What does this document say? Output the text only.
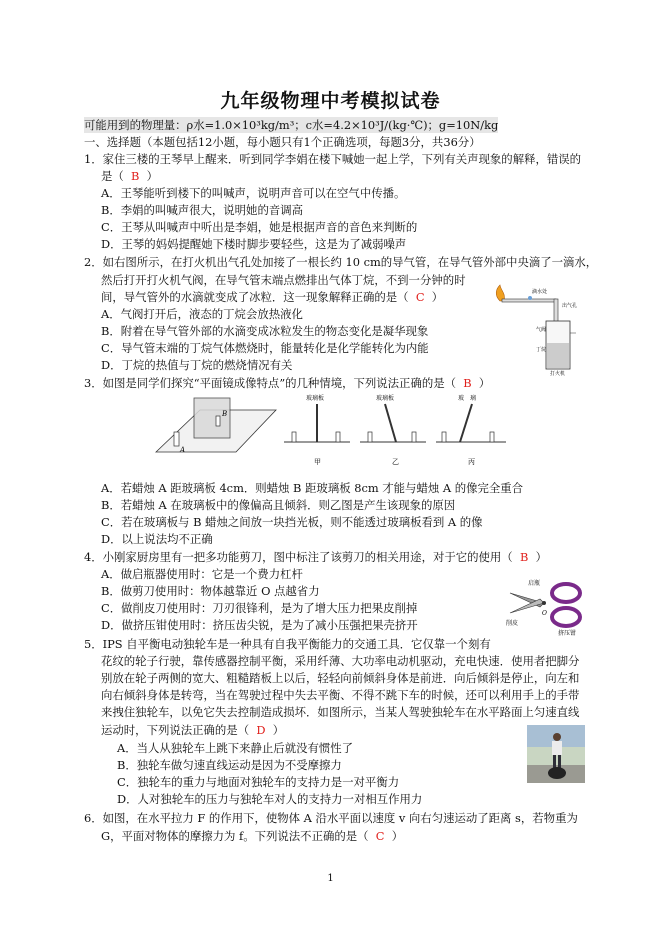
九年级物理中考模拟试卷
可能用到的物理量：ρ水=1.0×10³kg/m³；c水=4.2×10³J/(kg·℃)；g=10N/kg
一、选择题（本题包括12小题，每小题只有1个正确选项，每题3分，共36分）
1．家住三楼的王琴早上醒来．听到同学李娟在楼下喊她一起上学，下列有关声现象的解释，错误的
是（ B ）
A．王琴能听到楼下的叫喊声，说明声音可以在空气中传播。
B．李娟的叫喊声很大，说明她的音调高
C．王琴从叫喊声中听出是李娟，她是根据声音的音色来判断的
D．王琴的妈妈提醒她下楼时脚步要轻些，这是为了减弱噪声
2．如右图所示，在打火机出气孔处加接了一根长约 10 cm的导气管，在导气管外部中央滴了一滴水，
然后打开打火机气阀，在导气管末端点燃排出气体丁烷，不到一分钟的时
间，导气管外的水滴就变成了冰粒．这一现象解释正确的是（ C ）
A．气阀打开后，液态的丁烷会放热液化
B．附着在导气管外部的水滴变成冰粒发生的物态变化是凝华现象
C．导气管末端的丁烷气体燃烧时，能量转化是化学能转化为内能
D．丁烷的热值与丁烷的燃烧情况有关
滴水处
出气孔
气阀
丁烷
打火机
3．如图是同学们探究“平面镜成像特点”的几种情境，下列说法正确的是（ B ）
A
B
玻璃板
甲
玻璃板
乙
玻　璃
丙
A．若蜡烛 A 距玻璃板 4cm．则蜡烛 B 距玻璃板 8cm 才能与蜡烛 A 的像完全重合
B．若蜡烛 A 在玻璃板中的像偏高且倾斜．则乙图是产生该现象的原因
C．若在玻璃板与 B 蜡烛之间放一块挡光板，则不能透过玻璃板看到 A 的像
D．以上说法均不正确
4．小刚家厨房里有一把多功能剪刀，图中标注了该剪刀的相关用途，对于它的使用（ B ）
A．做启瓶器使用时：它是一个费力杠杆
B．做剪刀使用时：物体越靠近 O 点越省力
C．做削皮刀使用时：刀刃很锋利，是为了增大压力把果皮削掉
D．做挤压钳使用时：挤压齿尖锐，是为了减小压强把果壳挤开
启瓶
削皮
O
挤压钳
5．IPS 自平衡电动独轮车是一种具有自我平衡能力的交通工具．它仅靠一个刻有
花纹的轮子行驶，靠传感器控制平衡，采用纤薄、大功率电动机驱动，充电快速．使用者把脚分
别放在轮子两侧的宽大、粗糙踏板上以后，轻轻向前倾斜身体是前进．向后倾斜是停止，向左和
向右倾斜身体是转弯，当在驾驶过程中失去平衡、不得不跳下车的时候，还可以利用手上的手带
来拽住独轮车，以免它失去控制造成损坏．如图所示，当某人驾驶独轮车在水平路面上匀速直线
运动时，下列说法正确的是（ D ）
A．当人从独轮车上跳下来静止后就没有惯性了
B．独轮车做匀速直线运动是因为不受摩擦力
C．独轮车的重力与地面对独轮车的支持力是一对平衡力
D．人对独轮车的压力与独轮车对人的支持力一对相互作用力
6．如图，在水平拉力 F 的作用下，使物体 A 沿水平面以速度 v 向右匀速运动了距离 s，若物重为
G，平面对物体的摩擦力为 f。下列说法不正确的是（ C ）
1
